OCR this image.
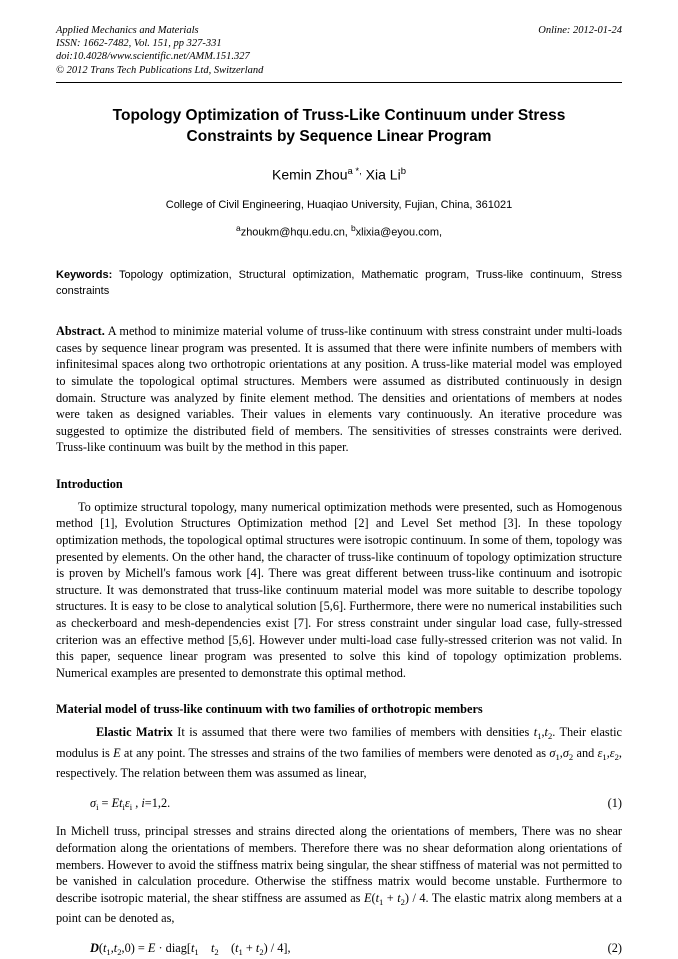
Applied Mechanics and Materials
ISSN: 1662-7482, Vol. 151, pp 327-331
doi:10.4028/www.scientific.net/AMM.151.327
© 2012 Trans Tech Publications Ltd, Switzerland
Online: 2012-01-24
Topology Optimization of Truss-Like Continuum under Stress Constraints by Sequence Linear Program
Kemin Zhou$^{a *,}$ Xia Li$^b$
College of Civil Engineering, Huaqiao University, Fujian, China, 361021
$^a$zhoukm@hqu.edu.cn, $^b$xlixia@eyou.com,
Keywords: Topology optimization, Structural optimization, Mathematic program, Truss-like continuum, Stress constraints
Abstract. A method to minimize material volume of truss-like continuum with stress constraint under multi-loads cases by sequence linear program was presented. It is assumed that there were infinite numbers of members with infinitesimal spaces along two orthotropic orientations at any position. A truss-like material model was employed to simulate the topological optimal structures. Members were assumed as distributed continuously in design domain. Structure was analyzed by finite element method. The densities and orientations of members at nodes were taken as designed variables. Their values in elements vary continuously. An iterative procedure was suggested to optimize the distributed field of members. The sensitivities of stresses constraints were derived. Truss-like continuum was built by the method in this paper.
Introduction

To optimize structural topology, many numerical optimization methods were presented, such as Homogenous method [1], Evolution Structures Optimization method [2] and Level Set method [3]. In these topology optimization methods, the topological optimal structures were isotropic continuum. In some of them, topology was presented by elements. On the other hand, the character of truss-like continuum of topology optimization structure is proven by Michell's famous work [4]. There was great different between truss-like continuum and isotropic structure. It was demonstrated that truss-like continuum material model was more suitable to describe topology structures. It is easy to be close to analytical solution [5,6]. Furthermore, there were no numerical instabilities such as checkerboard and mesh-dependencies exist [7]. For stress constraint under singular load case, fully-stressed criterion was an effective method [5,6]. However under multi-load case fully-stressed criterion was not valid. In this paper, sequence linear program was presented to solve this kind of topology optimization problems. Numerical examples are presented to demonstrate this optimal method.

Material model of truss-like continuum with two families of orthotropic members

Elastic Matrix It is assumed that there were two families of members with densities $t_1,t_2$. Their elastic modulus is E at any point. The stresses and strains of the two families of members were denoted as $\sigma_1,\sigma_2$ and $\varepsilon_1,\varepsilon_2$, respectively. The relation between them was assumed as linear,

$\sigma_i = Et_i\varepsilon_i$ , i=1,2.	(1)

In Michell truss, principal stresses and strains directed along the orientations of members, There was no shear deformation along the orientations of members. Therefore there was no shear deformation along orientations of members. However to avoid the stiffness matrix being singular, the shear stiffness of material was not permitted to be vanished in calculation procedure. Otherwise the stiffness matrix would become unstable. Furthermore to describe isotropic material, the shear stiffness are assumed as $E(t_1 + t_2) / 4$. The elastic matrix along members at a point can be denoted as,

$D(t_1,t_2,0) = E$ · $diag[t_1$ $t_2$    $(t_1 + t_2) / 4$],	(2)
